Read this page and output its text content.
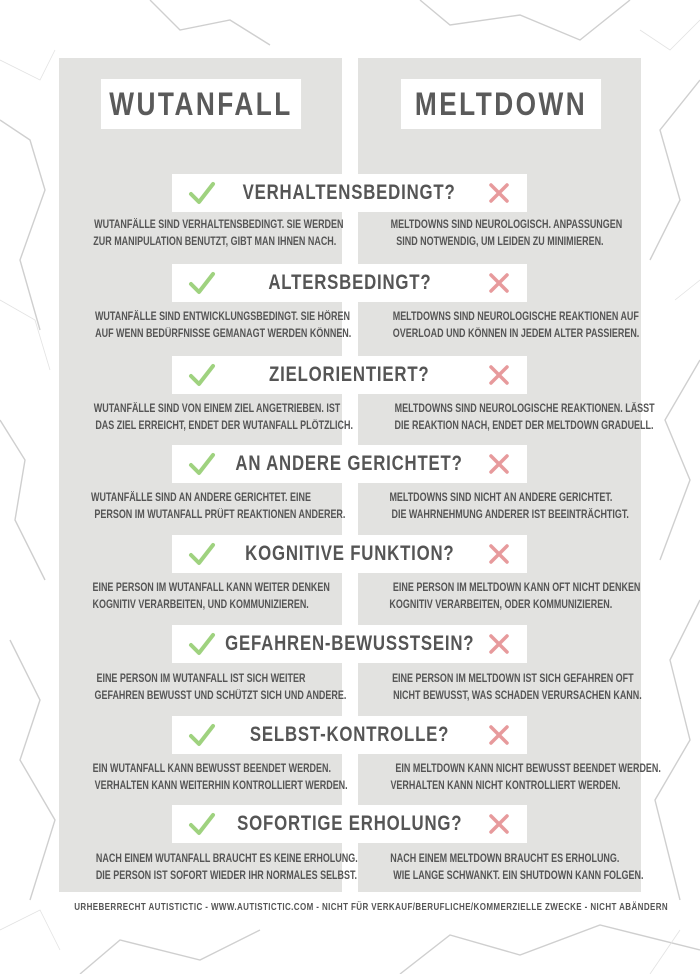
WUTANFALL	MELTDOWN
VERHALTENSBEDINGT?
WUTANFÄLLE SIND VERHALTENSBEDINGT. SIE WERDEN
ZUR MANIPULATION BENUTZT, GIBT MAN IHNEN NACH.
MELTDOWNS SIND NEUROLOGISCH. ANPASSUNGEN
SIND NOTWENDIG, UM LEIDEN ZU MINIMIEREN.
ALTERSBEDINGT?
WUTANFÄLLE SIND ENTWICKLUNGSBEDINGT. SIE HÖREN
AUF WENN BEDÜRFNISSE GEMANAGT WERDEN KÖNNEN.
MELTDOWNS SIND NEUROLOGISCHE REAKTIONEN AUF
OVERLOAD UND KÖNNEN IN JEDEM ALTER PASSIEREN.
ZIELORIENTIERT?
WUTANFÄLLE SIND VON EINEM ZIEL ANGETRIEBEN. IST
DAS ZIEL ERREICHT, ENDET DER WUTANFALL PLÖTZLICH.
MELTDOWNS SIND NEUROLOGISCHE REAKTIONEN. LÄSST
DIE REAKTION NACH, ENDET DER MELTDOWN GRADUELL.
AN ANDERE GERICHTET?
WUTANFÄLLE SIND AN ANDERE GERICHTET. EINE
PERSON IM WUTANFALL PRÜFT REAKTIONEN ANDERER.
MELTDOWNS SIND NICHT AN ANDERE GERICHTET.
DIE WAHRNEHMUNG ANDERER IST BEEINTRÄCHTIGT.
KOGNITIVE FUNKTION?
EINE PERSON IM WUTANFALL KANN WEITER DENKEN
KOGNITIV VERARBEITEN, UND KOMMUNIZIEREN.
EINE PERSON IM MELTDOWN KANN OFT NICHT DENKEN
KOGNITIV VERARBEITEN, ODER KOMMUNIZIEREN.
GEFAHREN-BEWUSSTSEIN?
EINE PERSON IM WUTANFALL IST SICH WEITER
GEFAHREN BEWUSST UND SCHÜTZT SICH UND ANDERE.
EINE PERSON IM MELTDOWN IST SICH GEFAHREN OFT
NICHT BEWUSST, WAS SCHADEN VERURSACHEN KANN.
SELBST-KONTROLLE?
EIN WUTANFALL KANN BEWUSST BEENDET WERDEN.
VERHALTEN KANN WEITERHIN KONTROLLIERT WERDEN.
EIN MELTDOWN KANN NICHT BEWUSST BEENDET WERDEN.
VERHALTEN KANN NICHT KONTROLLIERT WERDEN.
SOFORTIGE ERHOLUNG?
NACH EINEM WUTANFALL BRAUCHT ES KEINE ERHOLUNG.
DIE PERSON IST SOFORT WIEDER IHR NORMALES SELBST.
NACH EINEM MELTDOWN BRAUCHT ES ERHOLUNG.
WIE LANGE SCHWANKT. EIN SHUTDOWN KANN FOLGEN.
URHEBERRECHT AUTISTICTIC - WWW.AUTISTICTIC.COM - NICHT FÜR VERKAUF/BERUFLICHE/KOMMERZIELLE ZWECKE - NICHT ABÄNDERN
